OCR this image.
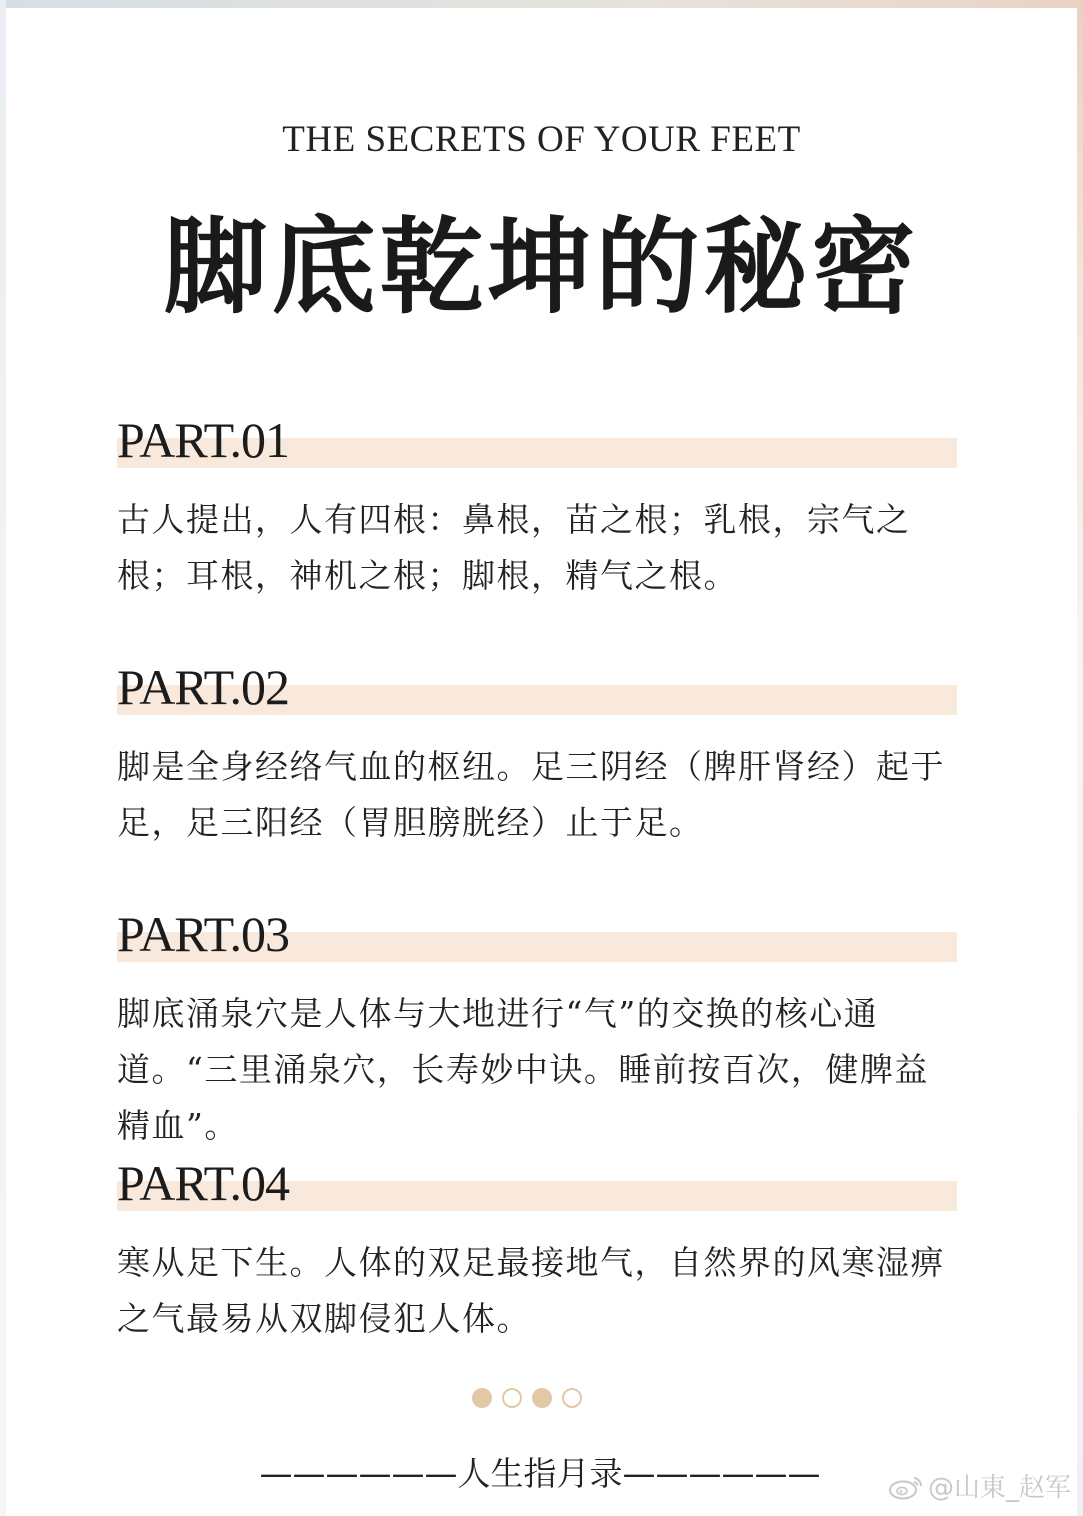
THE SECRETS OF YOUR FEET
脚底乾坤的秘密
PART.01
古人提出，人有四根：鼻根，苗之根；乳根，宗气之根；耳根，神机之根；脚根，精气之根。
PART.02
脚是全身经络气血的枢纽。足三阴经（脾肝肾经）起于足，足三阳经（胃胆膀胱经）止于足。
PART.03
脚底涌泉穴是人体与大地进行“气”的交换的核心通道。“三里涌泉穴，长寿妙中诀。睡前按百次，健脾益精血”。
PART.04
寒从足下生。人体的双足最接地气，自然界的风寒湿痹之气最易从双脚侵犯人体。
——————人生指月录——————	@山東_赵军
